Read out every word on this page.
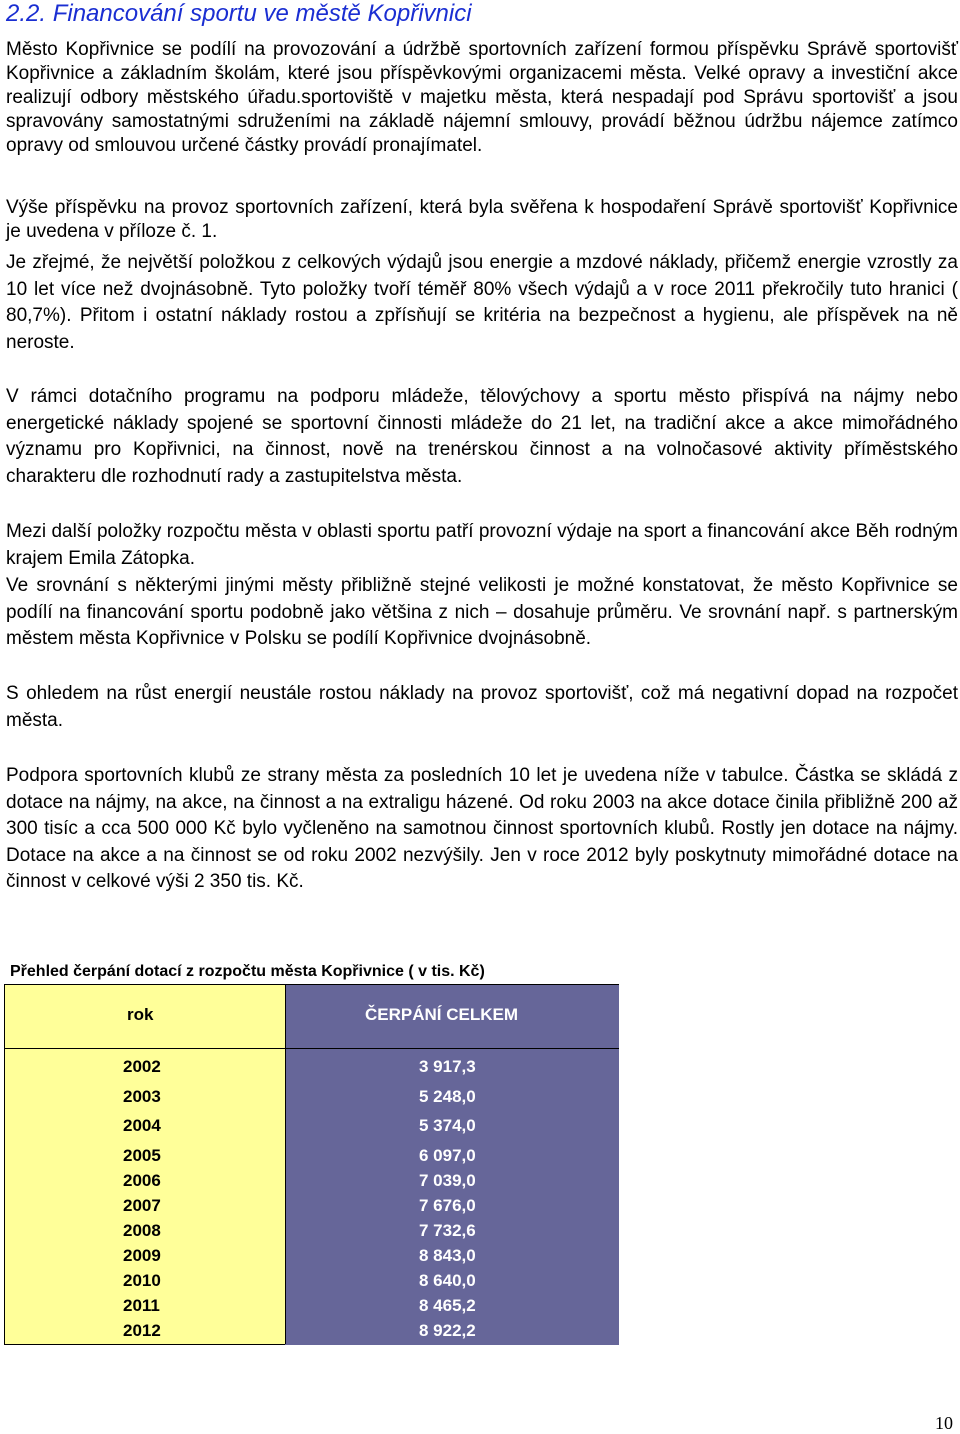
2.2. Financování sportu ve městě Kopřivnici

Město Kopřivnice se podílí na provozování a údržbě sportovních zařízení formou příspěvku Správě sportovišť Kopřivnice a základním školám, které jsou příspěvkovými organizacemi města. Velké opravy a investiční akce realizují odbory městského úřadu.sportoviště v majetku města, která nespadají pod Správu sportovišť a jsou spravovány samostatnými sdruženími na základě nájemní smlouvy, provádí běžnou údržbu nájemce zatímco opravy od smlouvou určené částky provádí pronajímatel.

Výše příspěvku na provoz sportovních zařízení, která byla svěřena k hospodaření Správě sportovišť Kopřivnice je uvedena v příloze č. 1.

Je zřejmé, že největší položkou z celkových výdajů jsou energie a mzdové náklady, přičemž energie vzrostly za 10 let více než dvojnásobně. Tyto položky tvoří téměř 80% všech výdajů a v roce 2011 překročily tuto hranici ( 80,7%). Přitom i ostatní náklady rostou a zpřísňují se kritéria na bezpečnost a hygienu, ale příspěvek na ně neroste.

V rámci dotačního programu na podporu mládeže, tělovýchovy a sportu město přispívá na nájmy nebo energetické náklady spojené se sportovní činnosti mládeže do 21 let, na tradiční akce a akce mimořádného významu pro Kopřivnici, na činnost, nově na trenérskou činnost a na volnočasové aktivity příměstského charakteru dle rozhodnutí rady a zastupitelstva města.

Mezi další položky rozpočtu města v oblasti sportu patří provozní výdaje na sport a financování akce Běh rodným krajem Emila Zátopka.

Ve srovnání s některými jinými městy přibližně stejné velikosti je možné konstatovat, že město Kopřivnice se podílí na financování sportu podobně jako většina z nich – dosahuje průměru. Ve srovnání např. s partnerským městem města Kopřivnice v Polsku se podílí Kopřivnice dvojnásobně.

S ohledem na růst energií neustále rostou náklady na provoz sportovišť, což má negativní dopad na rozpočet města.

Podpora sportovních klubů ze strany města za posledních 10 let je uvedena níže v tabulce. Částka se skládá z dotace na nájmy, na akce, na činnost a na extraligu házené. Od roku 2003 na akce dotace činila přibližně 200 až 300 tisíc a cca 500 000 Kč bylo vyčleněno na samotnou činnost sportovních klubů. Rostly jen dotace na nájmy. Dotace na akce a na činnost se od roku 2002 nezvýšily. Jen v roce 2012 byly poskytnuty mimořádné dotace na činnost v celkové výši 2 350 tis. Kč.

Přehled čerpání dotací z rozpočtu města Kopřivnice ( v tis. Kč)
rok	ČERPÁNÍ CELKEM
2002	3 917,3
2003	5 248,0
2004	5 374,0
2005	6 097,0
2006	7 039,0
2007	7 676,0
2008	7 732,6
2009	8 843,0
2010	8 640,0
2011	8 465,2
2012	8 922,2
10
